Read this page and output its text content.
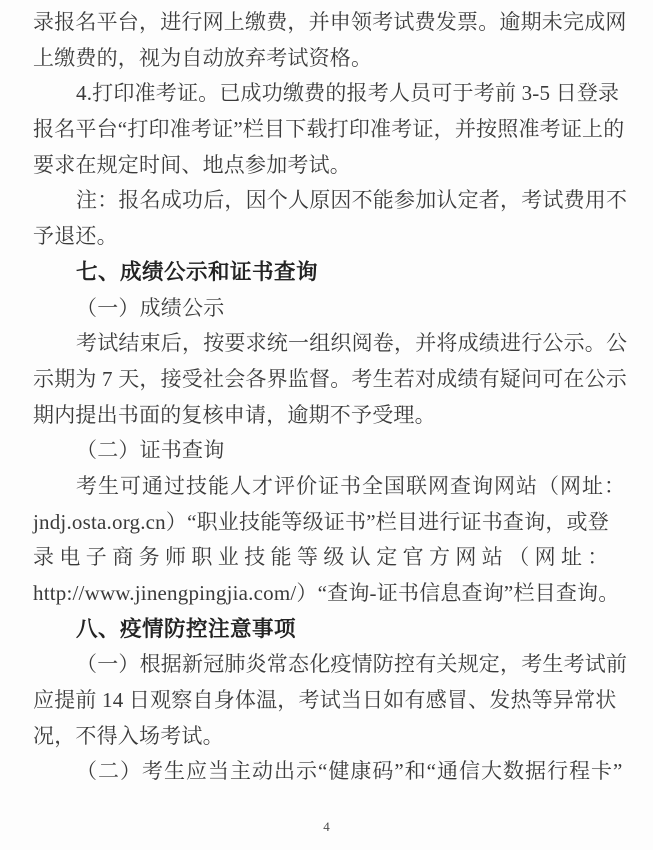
录报名平台，进行网上缴费，并申领考试费发票。逾期未完成网
上缴费的，视为自动放弃考试资格。
4.打印准考证。已成功缴费的报考人员可于考前 3-5 日登录
报名平台“打印准考证”栏目下载打印准考证，并按照准考证上的
要求在规定时间、地点参加考试。
注：报名成功后，因个人原因不能参加认定者，考试费用不
予退还。
七、成绩公示和证书查询
（一）成绩公示
考试结束后，按要求统一组织阅卷，并将成绩进行公示。公
示期为 7 天，接受社会各界监督。考生若对成绩有疑问可在公示
期内提出书面的复核申请，逾期不予受理。
（二）证书查询
考生可通过技能人才评价证书全国联网查询网站（网址：
jndj.osta.org.cn）“职业技能等级证书”栏目进行证书查询，或登
录电子商务师职业技能等级认定官方网站（网址：
http://www.jinengpingjia.com/）“查询-证书信息查询”栏目查询。
八、疫情防控注意事项
（一）根据新冠肺炎常态化疫情防控有关规定，考生考试前
应提前 14 日观察自身体温，考试当日如有感冒、发热等异常状
况，不得入场考试。
（二）考生应当主动出示“健康码”和“通信大数据行程卡”
4
